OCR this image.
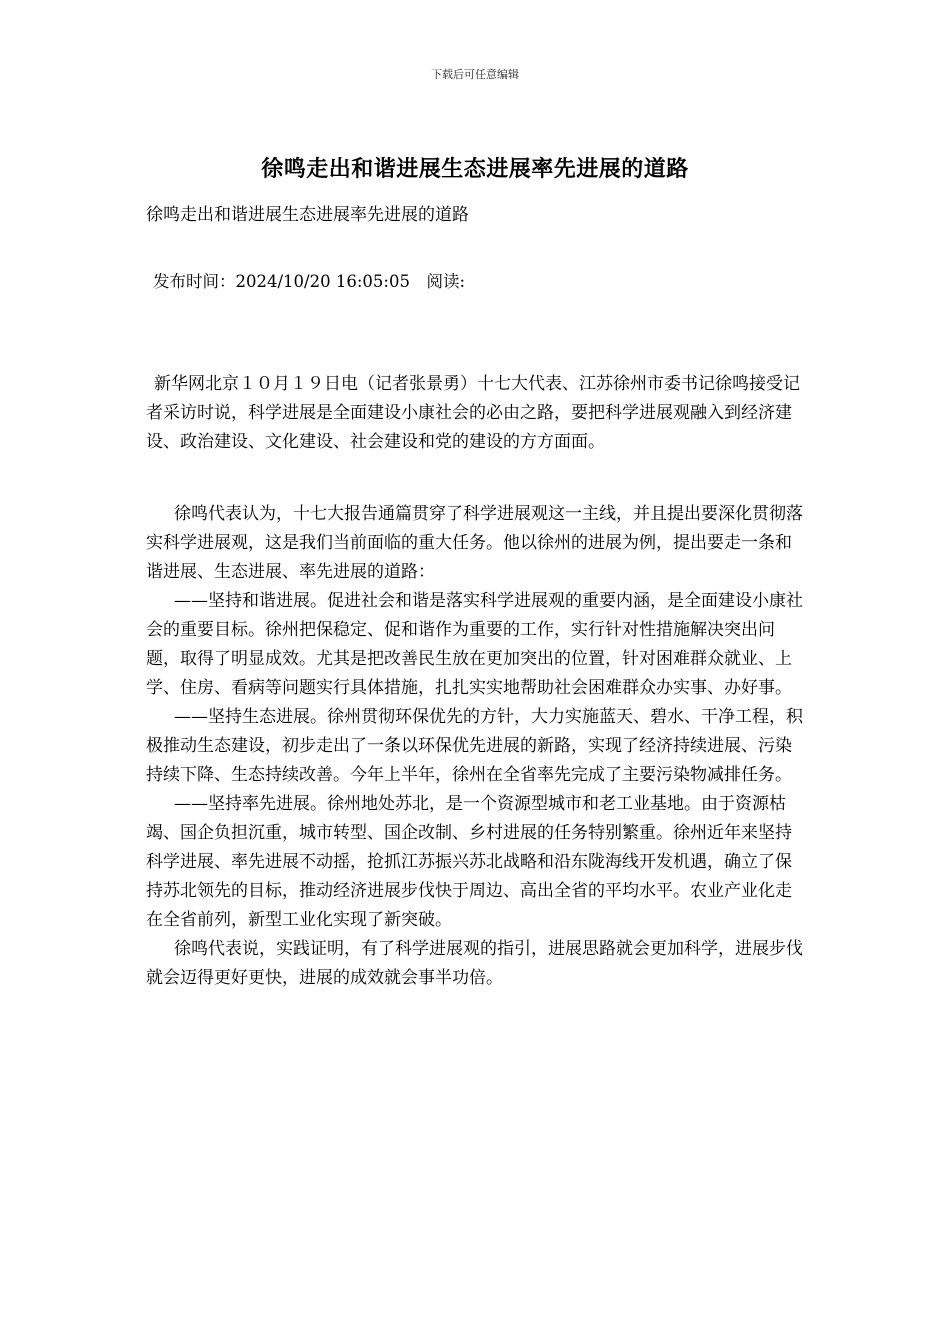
下载后可任意编辑
徐鸣走出和谐进展生态进展率先进展的道路
徐鸣走出和谐进展生态进展率先进展的道路
发布时间：2024/10/20 16:05:05　阅读:

新华网北京１０月１９日电（记者张景勇）十七大代表、江苏徐州市委书记徐鸣接受记者采访时说，科学进展是全面建设小康社会的必由之路，要把科学进展观融入到经济建设、政治建设、文化建设、社会建设和党的建设的方方面面。

徐鸣代表认为，十七大报告通篇贯穿了科学进展观这一主线，并且提出要深化贯彻落实科学进展观，这是我们当前面临的重大任务。他以徐州的进展为例，提出要走一条和谐进展、生态进展、率先进展的道路：

——坚持和谐进展。促进社会和谐是落实科学进展观的重要内涵，是全面建设小康社会的重要目标。徐州把保稳定、促和谐作为重要的工作，实行针对性措施解决突出问题，取得了明显成效。尤其是把改善民生放在更加突出的位置，针对困难群众就业、上学、住房、看病等问题实行具体措施，扎扎实实地帮助社会困难群众办实事、办好事。

——坚持生态进展。徐州贯彻环保优先的方针，大力实施蓝天、碧水、干净工程，积极推动生态建设，初步走出了一条以环保优先进展的新路，实现了经济持续进展、污染持续下降、生态持续改善。今年上半年，徐州在全省率先完成了主要污染物减排任务。

——坚持率先进展。徐州地处苏北，是一个资源型城市和老工业基地。由于资源枯竭、国企负担沉重，城市转型、国企改制、乡村进展的任务特别繁重。徐州近年来坚持科学进展、率先进展不动摇，抢抓江苏振兴苏北战略和沿东陇海线开发机遇，确立了保持苏北领先的目标，推动经济进展步伐快于周边、高出全省的平均水平。农业产业化走在全省前列，新型工业化实现了新突破。

徐鸣代表说，实践证明，有了科学进展观的指引，进展思路就会更加科学，进展步伐就会迈得更好更快，进展的成效就会事半功倍。
